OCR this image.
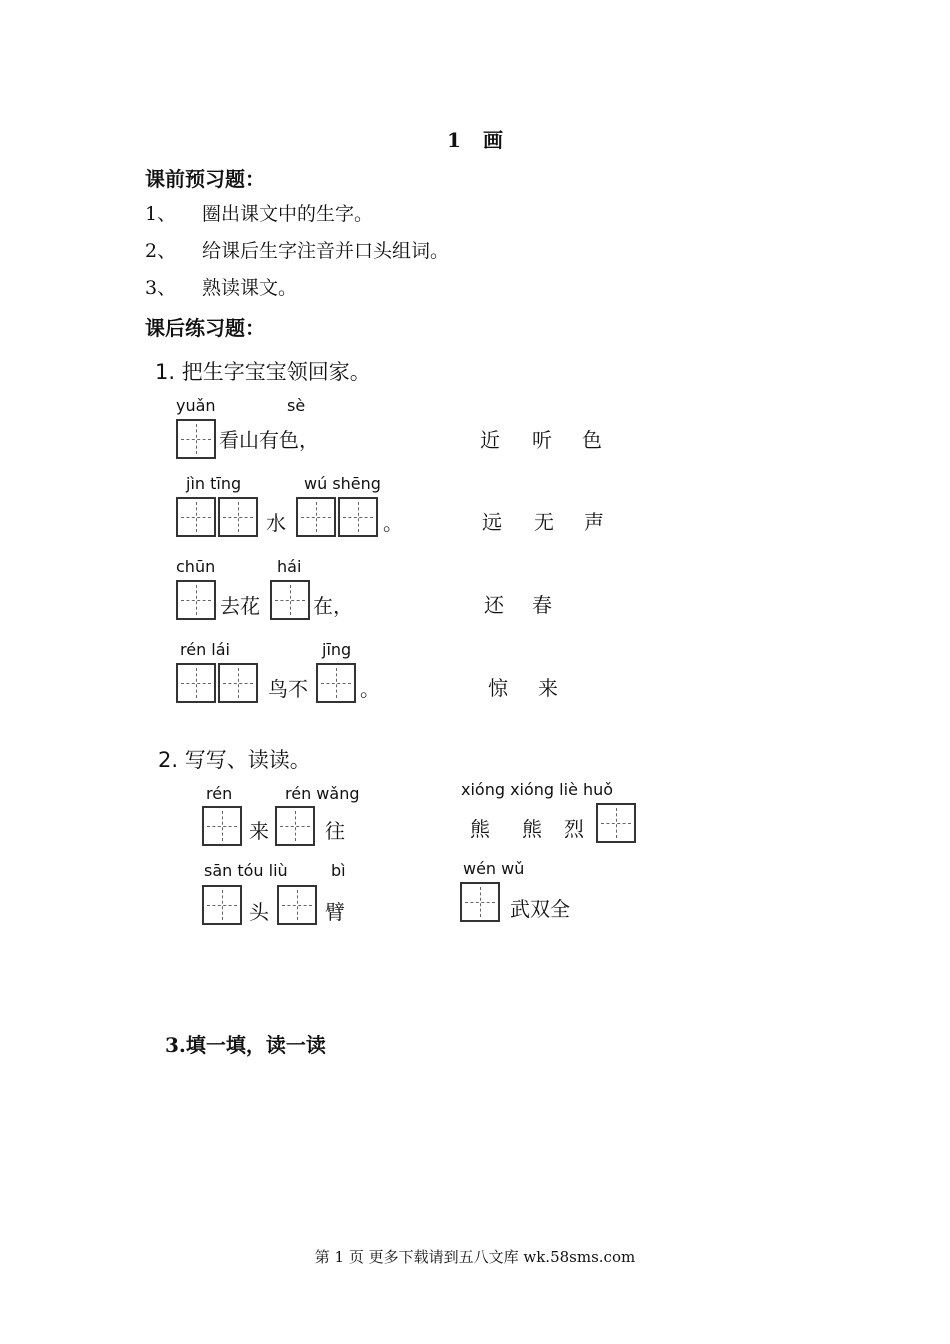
1 画
课前预习题：
1、 圈出课文中的生字。
2、 给课后生字注音并口头组词。
3、 熟读课文。
课后练习题：
1. 把生字宝宝领回家。
yuǎn	sè
看山有色，	近 听 色
jìn tīng	wú shēng
水	。	远 无 声
chūn	hái
去花	在，	还 春
rén lái	jīng
鸟不	。	惊 来
2. 写写、读读。
rén	rén wǎng
来	往
xióng xióng liè huǒ
熊 熊 烈
sān tóu liù	bì
头	臂
wén wǔ
武双全
3.填一填，读一读
第 1 页 更多下载请到五八文库 wk.58sms.com
